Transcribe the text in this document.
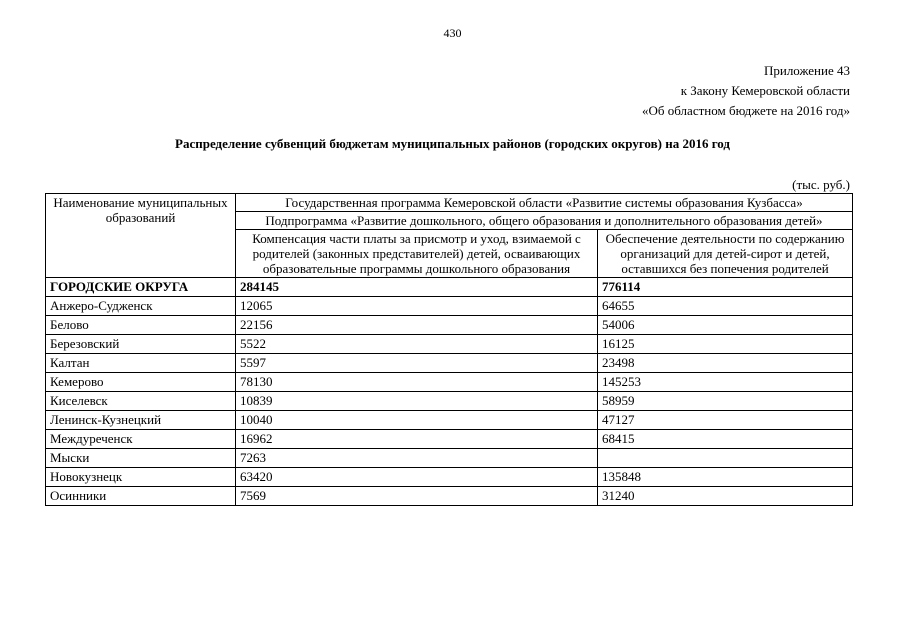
430
Приложение 43
к Закону Кемеровской области
«Об областном бюджете на 2016 год»
Распределение субвенций бюджетам муниципальных районов (городских округов) на 2016 год
(тыс. руб.)
Наименование муниципальных образований	Государственная программа Кемеровской области «Развитие системы образования Кузбасса»	
	Подпрограмма «Развитие дошкольного, общего образования и дополнительного образования детей»	
	Компенсация части платы за присмотр и уход, взимаемой с родителей (законных представителей) детей, осваивающих образовательные программы дошкольного образования	Обеспечение деятельности по содержанию организаций для детей-сирот и детей, оставшихся без попечения родителей
ГОРОДСКИЕ ОКРУГА	284145	776114
Анжеро-Судженск	12065	64655
Белово	22156	54006
Березовский	5522	16125
Калтан	5597	23498
Кемерово	78130	145253
Киселевск	10839	58959
Ленинск-Кузнецкий	10040	47127
Междуреченск	16962	68415
Мыски	7263	
Новокузнецк	63420	135848
Осинники	7569	31240
